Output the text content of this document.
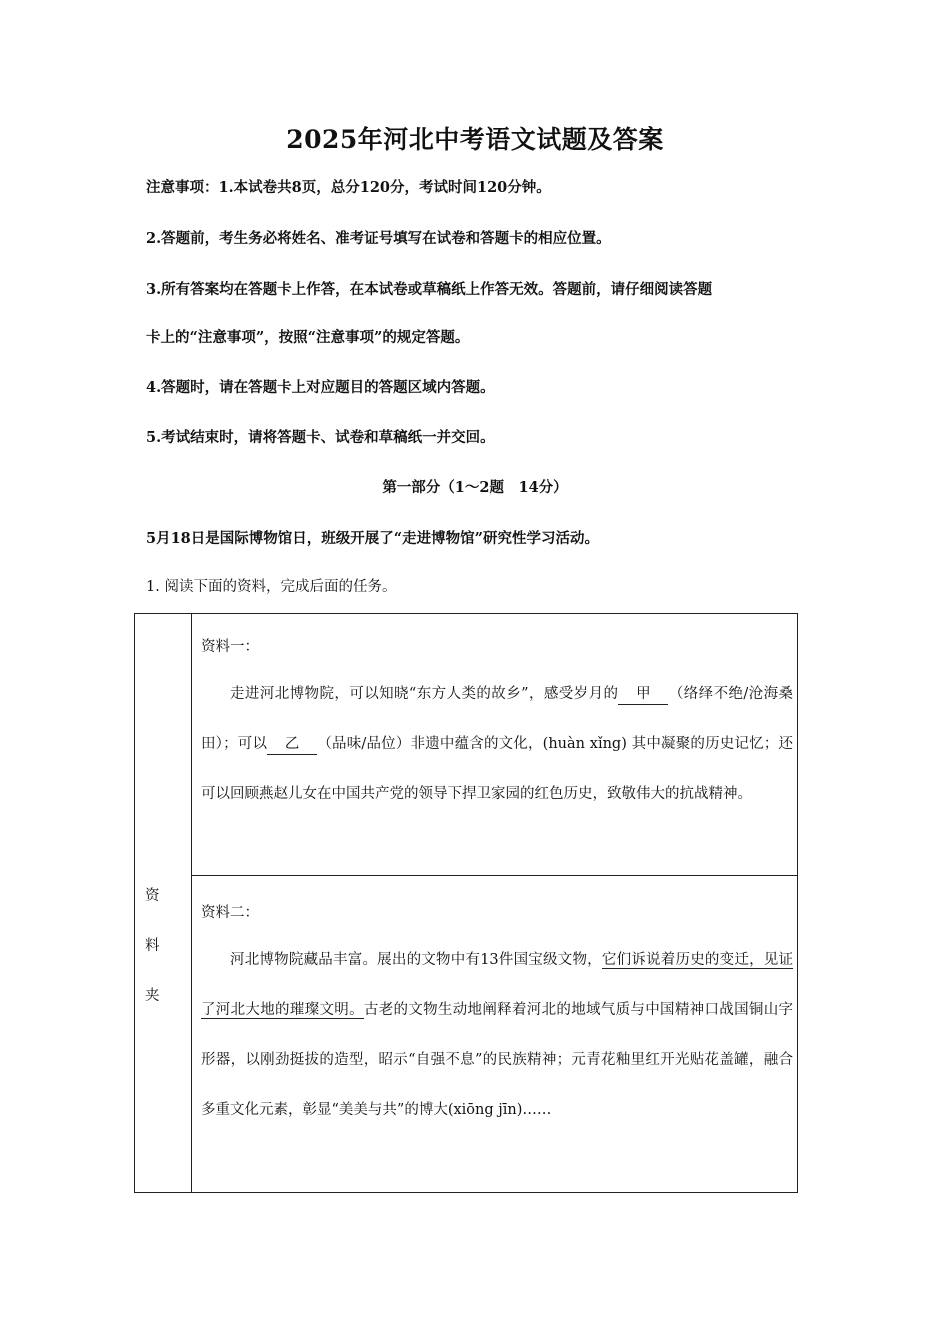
2025年河北中考语文试题及答案
注意事项：1.本试卷共8页，总分120分，考试时间120分钟。
2.答题前，考生务必将姓名、准考证号填写在试卷和答题卡的相应位置。
3.所有答案均在答题卡上作答，在本试卷或草稿纸上作答无效。答题前，请仔细阅读答题
卡上的“注意事项”，按照“注意事项”的规定答题。
4.答题时，请在答题卡上对应题目的答题区域内答题。
5.考试结束时，请将答题卡、试卷和草稿纸一并交回。
第一部分（1～2题　14分）
5月18日是国际博物馆日，班级开展了“走进博物馆”研究性学习活动。
1. 阅读下面的资料，完成后面的任务。
资料夹
资料一：
走进河北博物院，可以知晓“东方人类的故乡”，感受岁月的 甲 （络绎不绝/沧海桑田）；可以 乙 （品味/品位）非遗中蕴含的文化，(huàn xǐng) 其中凝聚的历史记忆；还可以回顾燕赵儿女在中国共产党的领导下捍卫家园的红色历史，致敬伟大的抗战精神。
资料二：
河北博物院藏品丰富。展出的文物中有13件国宝级文物，它们诉说着历史的变迁，见证了河北大地的璀璨文明。古老的文物生动地阐释着河北的地域气质与中国精神口战国铜山字形器，以刚劲挺拔的造型，昭示“自强不息”的民族精神；元青花釉里红开光贴花盖罐，融合多重文化元素，彰显“美美与共”的博大(xiōng jīn)……
